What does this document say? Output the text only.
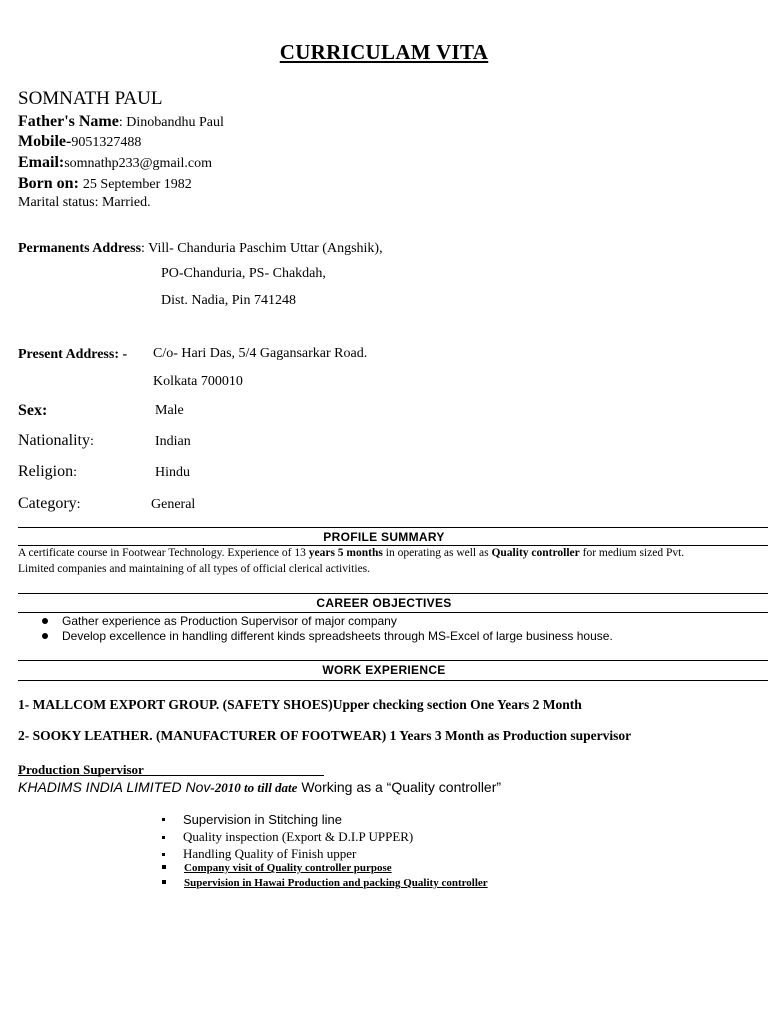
CURRICULAM VITA
SOMNATH PAUL
Father's Name: Dinobandhu Paul
Mobile-9051327488
Email:somnathp233@gmail.com
Born on: 25 September 1982
Marital status: Married.
Permanents Address: Vill- Chanduria Paschim Uttar (Angshik),
PO-Chanduria, PS- Chakdah,
Dist. Nadia, Pin 741248
Present Address: - C/o- Hari Das, 5/4 Gagansarkar Road.
Kolkata 700010
Sex:	Male
Nationality:	Indian
Religion:	Hindu
Category:	General
PROFILE SUMMARY
A certificate course in Footwear Technology. Experience of 13 years 5 months in operating as well as Quality controller for medium sized Pvt.
Limited companies and maintaining of all types of official clerical activities.
CAREER OBJECTIVES
Gather experience as Production Supervisor of major company
Develop excellence in handling different kinds spreadsheets through MS-Excel of large business house.
WORK EXPERIENCE
1- MALLCOM EXPORT GROUP. (SAFETY SHOES)Upper checking section One Years 2 Month
2- SOOKY LEATHER. (MANUFACTURER OF FOOTWEAR) 1 Years 3 Month as Production supervisor
Production Supervisor
KHADIMS INDIA LIMITED Nov-2010 to till date Working as a “Quality controller”
Supervision in Stitching line
Quality inspection (Export & D.I.P UPPER)
Handling Quality of Finish upper
Company visit of Quality controller purpose
Supervision in Hawai Production and packing Quality controller
